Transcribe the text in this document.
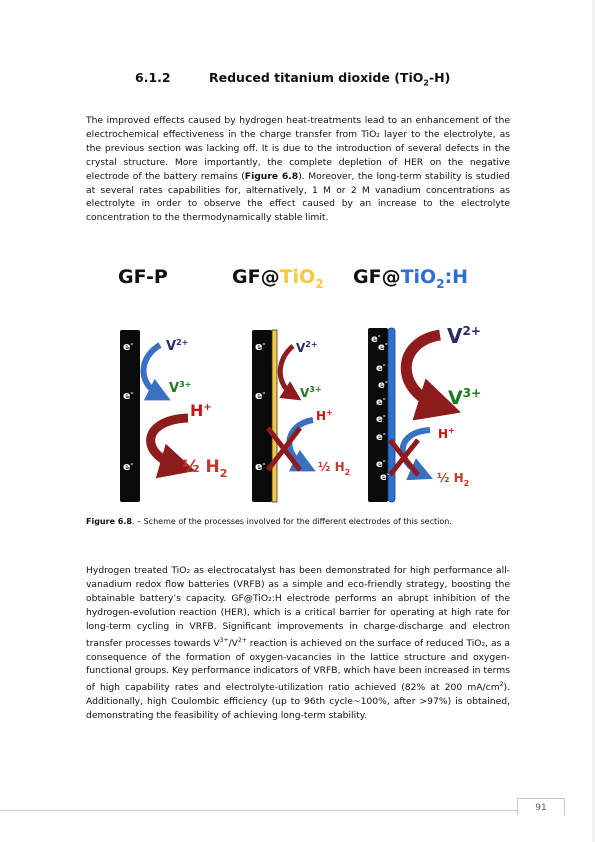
6.1.2	Reduced titanium dioxide (TiO$_2$-H)

The improved effects caused by hydrogen heat-treatments lead to an enhancement of the electrochemical effectiveness in the charge transfer from TiO₂ layer to the electrolyte, as the previous section was lacking off. It is due to the introduction of several defects in the crystal structure. More importantly, the complete depletion of HER on the negative electrode of the battery remains (Figure 6.8). Moreover, the long-term stability is studied at several rates capabilities for, alternatively, 1 M or 2 M vanadium concentrations as electrolyte in order to observe the effect caused by an increase to the electrolyte concentration to the thermodynamically stable limit.

GF-P	GF@TiO$_2$ GF@TiO$_2$:H
e-
e-
e-
$V^{2+}$
$V^{3+}$
H+
½ $H_2$
e-
e-
e-
$V^{2+}$
$V^{3+}$
H+
½ $H_2$
e-
e-
e-
e-
e-
e-
e-
e-
e-
$V^{2+}$
$V^{3+}$
H+
½ $H_2$
Figure 6.8. – Scheme of the processes involved for the different electrodes of this section.

Hydrogen treated TiO₂ as electrocatalyst has been demonstrated for high performance all-vanadium redox flow batteries (VRFB) as a simple and eco-friendly strategy, boosting the obtainable battery’s capacity. GF@TiO₂:H electrode performs an abrupt inhibition of the hydrogen-evolution reaction (HER), which is a critical barrier for operating at high rate for long-term cycling in VRFB. Significant improvements in charge-discharge and electron transfer processes towards $V^{3+}/V^{2+}$ reaction is achieved on the surface of reduced TiO₂, as a consequence of the formation of oxygen-vacancies in the lattice structure and oxygen-functional groups. Key performance indicators of VRFB, which have been increased in terms of high capability rates and electrolyte-utilization ratio achieved (82% at 200 $mA/cm^2$). Additionally, high Coulombic efficiency (up to 96th cycle~100%, after >97%) is obtained, demonstrating the feasibility of achieving long-term stability.

91
